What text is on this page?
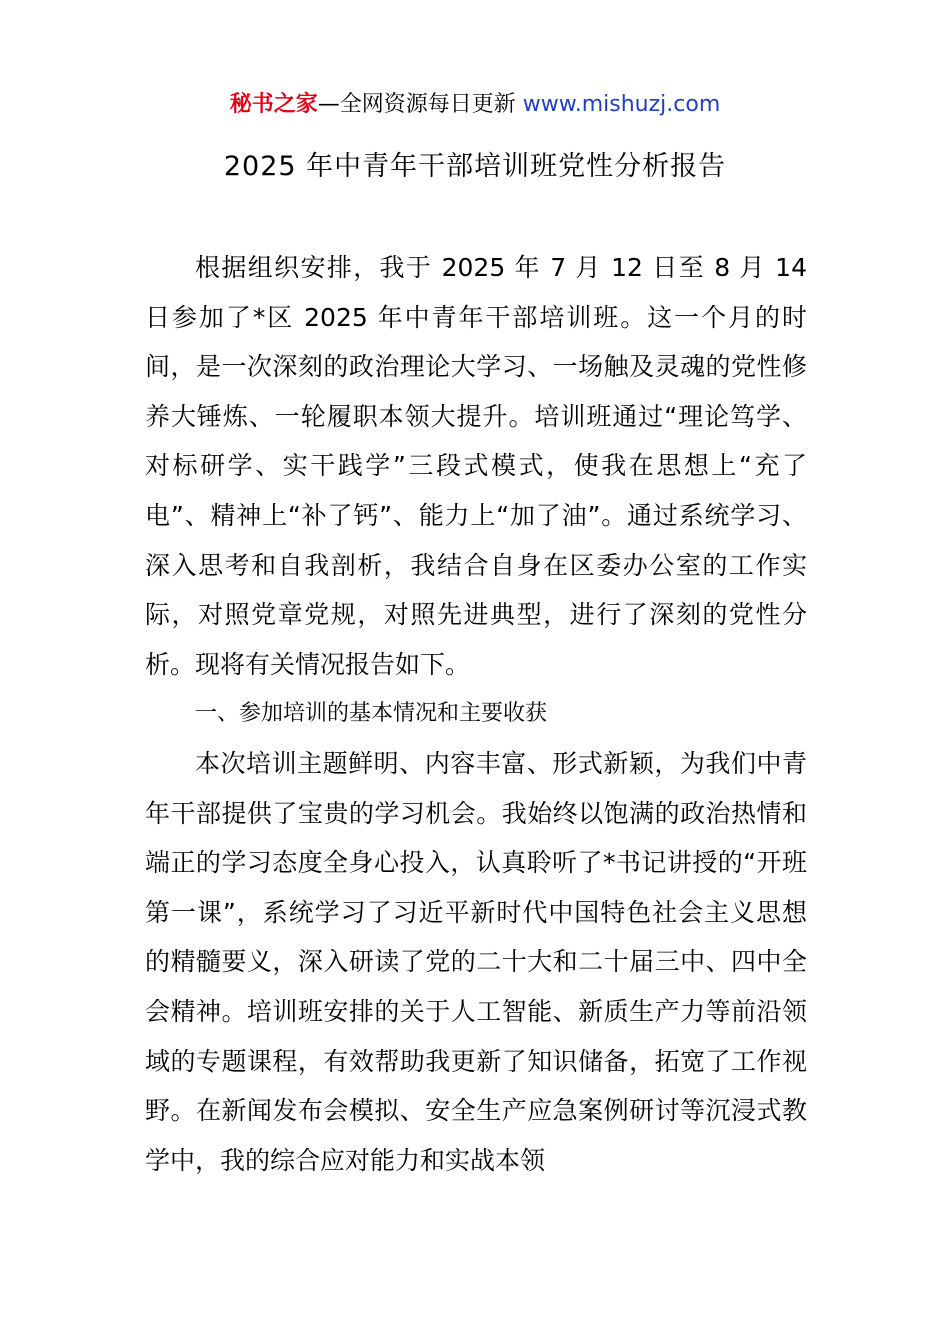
秘书之家—全网资源每日更新 www.mishuzj.com
2025 年中青年干部培训班党性分析报告

根据组织安排，我于 2025 年 7 月 12 日至 8 月 14 日参加了*区 2025 年中青年干部培训班。这一个月的时间，是一次深刻的政治理论大学习、一场触及灵魂的党性修养大锤炼、一轮履职本领大提升。培训班通过“理论笃学、对标研学、实干践学”三段式模式，使我在思想上“充了电”、精神上“补了钙”、能力上“加了油”。通过系统学习、深入思考和自我剖析，我结合自身在区委办公室的工作实际，对照党章党规，对照先进典型，进行了深刻的党性分析。现将有关情况报告如下。

一、参加培训的基本情况和主要收获

本次培训主题鲜明、内容丰富、形式新颖，为我们中青年干部提供了宝贵的学习机会。我始终以饱满的政治热情和端正的学习态度全身心投入，认真聆听了*书记讲授的“开班第一课”，系统学习了习近平新时代中国特色社会主义思想的精髓要义，深入研读了党的二十大和二十届三中、四中全会精神。培训班安排的关于人工智能、新质生产力等前沿领域的专题课程，有效帮助我更新了知识储备，拓宽了工作视野。在新闻发布会模拟、安全生产应急案例研讨等沉浸式教学中，我的综合应对能力和实战本领
